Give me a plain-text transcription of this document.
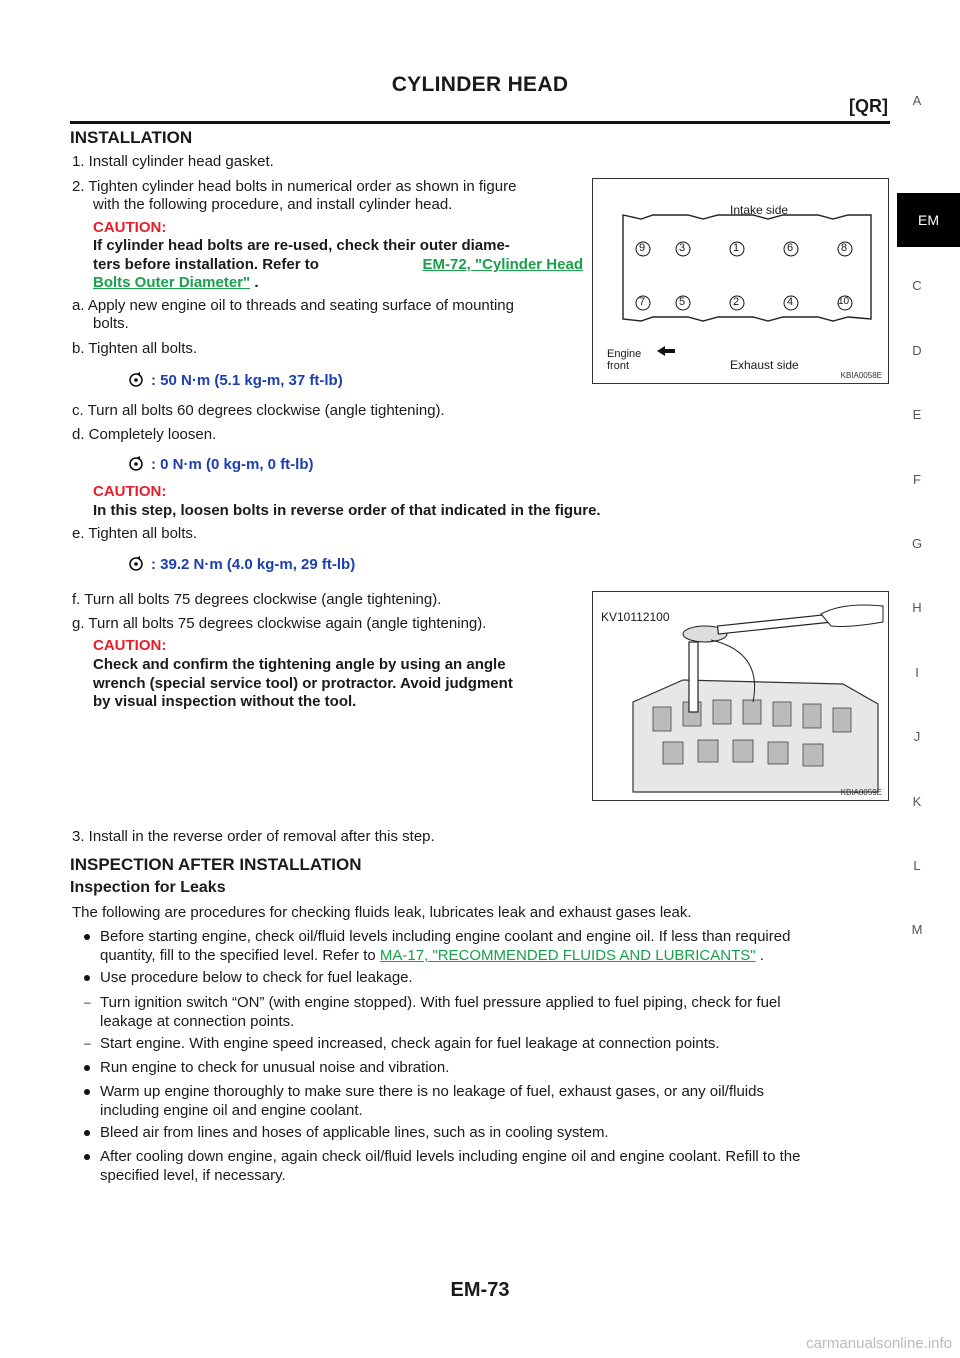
CYLINDER HEAD
[QR]	A
EM
C
D
E
F
G
H
I
J
K
L
M
INSTALLATION
1. Install cylinder head gasket.
2. Tighten cylinder head bolts in numerical order as shown in figure
with the following procedure, and install cylinder head.
CAUTION:
If cylinder head bolts are re-used, check their outer diame-
ters before installation. Refer to	EM-72, "Cylinder Head
Bolts Outer Diameter" .
a. Apply new engine oil to threads and seating surface of mounting
bolts.
b. Tighten all bolts.
: 50 N·m (5.1 kg-m, 37 ft-lb)
c. Turn all bolts 60 degrees clockwise (angle tightening).
d. Completely loosen.
: 0 N·m (0 kg-m, 0 ft-lb)
CAUTION:
In this step, loosen bolts in reverse order of that indicated in the figure.
e. Tighten all bolts.
: 39.2 N·m (4.0 kg-m, 29 ft-lb)
f. Turn all bolts 75 degrees clockwise (angle tightening).
g. Turn all bolts 75 degrees clockwise again (angle tightening).
CAUTION:
Check and confirm the tightening angle by using an angle
wrench (special service tool) or protractor. Avoid judgment
by visual inspection without the tool.
3. Install in the reverse order of removal after this step.
Intake side
Exhaust side
Engine
front
9	3	1	6	8
7	5	2	4	10
KBIA0058E
KV10112100
KBIA0059E
INSPECTION AFTER INSTALLATION
Inspection for Leaks
The following are procedures for checking fluids leak, lubricates leak and exhaust gases leak.
Before starting engine, check oil/fluid levels including engine coolant and engine oil. If less than required
quantity, fill to the specified level. Refer to MA-17, "RECOMMENDED FLUIDS AND LUBRICANTS" .
Use procedure below to check for fuel leakage.
– Turn ignition switch “ON” (with engine stopped). With fuel pressure applied to fuel piping, check for fuel
leakage at connection points.
– Start engine. With engine speed increased, check again for fuel leakage at connection points.
Run engine to check for unusual noise and vibration.
Warm up engine thoroughly to make sure there is no leakage of fuel, exhaust gases, or any oil/fluids
including engine oil and engine coolant.
Bleed air from lines and hoses of applicable lines, such as in cooling system.
After cooling down engine, again check oil/fluid levels including engine oil and engine coolant. Refill to the
specified level, if necessary.
EM-73
carmanualsonline.info
